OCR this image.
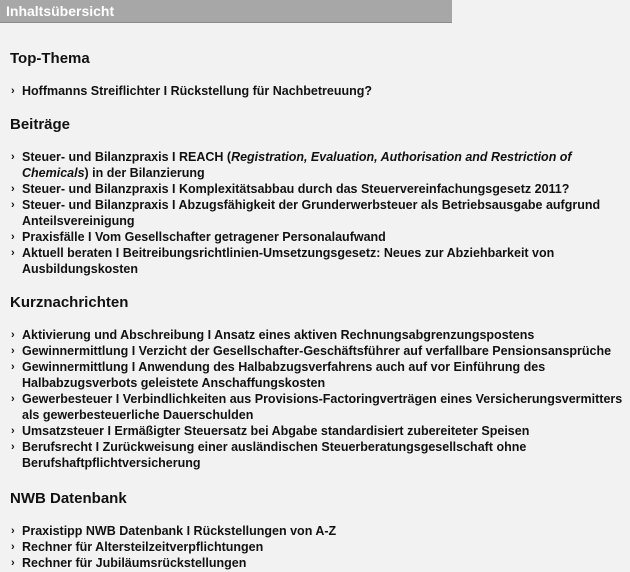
Inhaltsübersicht
Top-Thema
› Hoffmanns Streiflichter I Rückstellung für Nachbetreuung?
Beiträge
› Steuer- und Bilanzpraxis I REACH (Registration, Evaluation, Authorisation and Restriction of Chemicals) in der Bilanzierung
› Steuer- und Bilanzpraxis I Komplexitätsabbau durch das Steuervereinfachungsgesetz 2011?
› Steuer- und Bilanzpraxis I Abzugsfähigkeit der Grunderwerbsteuer als Betriebsausgabe aufgrund Anteilsvereinigung
› Praxisfälle I Vom Gesellschafter getragener Personalaufwand
› Aktuell beraten I Beitreibungsrichtlinien-Umsetzungsgesetz: Neues zur Abziehbarkeit von Ausbildungskosten
Kurznachrichten
› Aktivierung und Abschreibung I Ansatz eines aktiven Rechnungsabgrenzungspostens
› Gewinnermittlung I Verzicht der Gesellschafter-Geschäftsführer auf verfallbare Pensionsansprüche
› Gewinnermittlung I Anwendung des Halbabzugsverfahrens auch auf vor Einführung des Halbabzugsverbots geleistete Anschaffungskosten
› Gewerbesteuer I Verbindlichkeiten aus Provisions-Factoringverträgen eines Versicherungsvermitters als gewerbesteuerliche Dauerschulden
› Umsatzsteuer I Ermäßigter Steuersatz bei Abgabe standardisiert zubereiteter Speisen
› Berufsrecht I Zurückweisung einer ausländischen Steuerberatungsgesellschaft ohne Berufshaftpflichtversicherung
NWB Datenbank
› Praxistipp NWB Datenbank I Rückstellungen von A-Z
› Rechner für Altersteilzeitverpflichtungen
› Rechner für Jubiläumsrückstellungen
